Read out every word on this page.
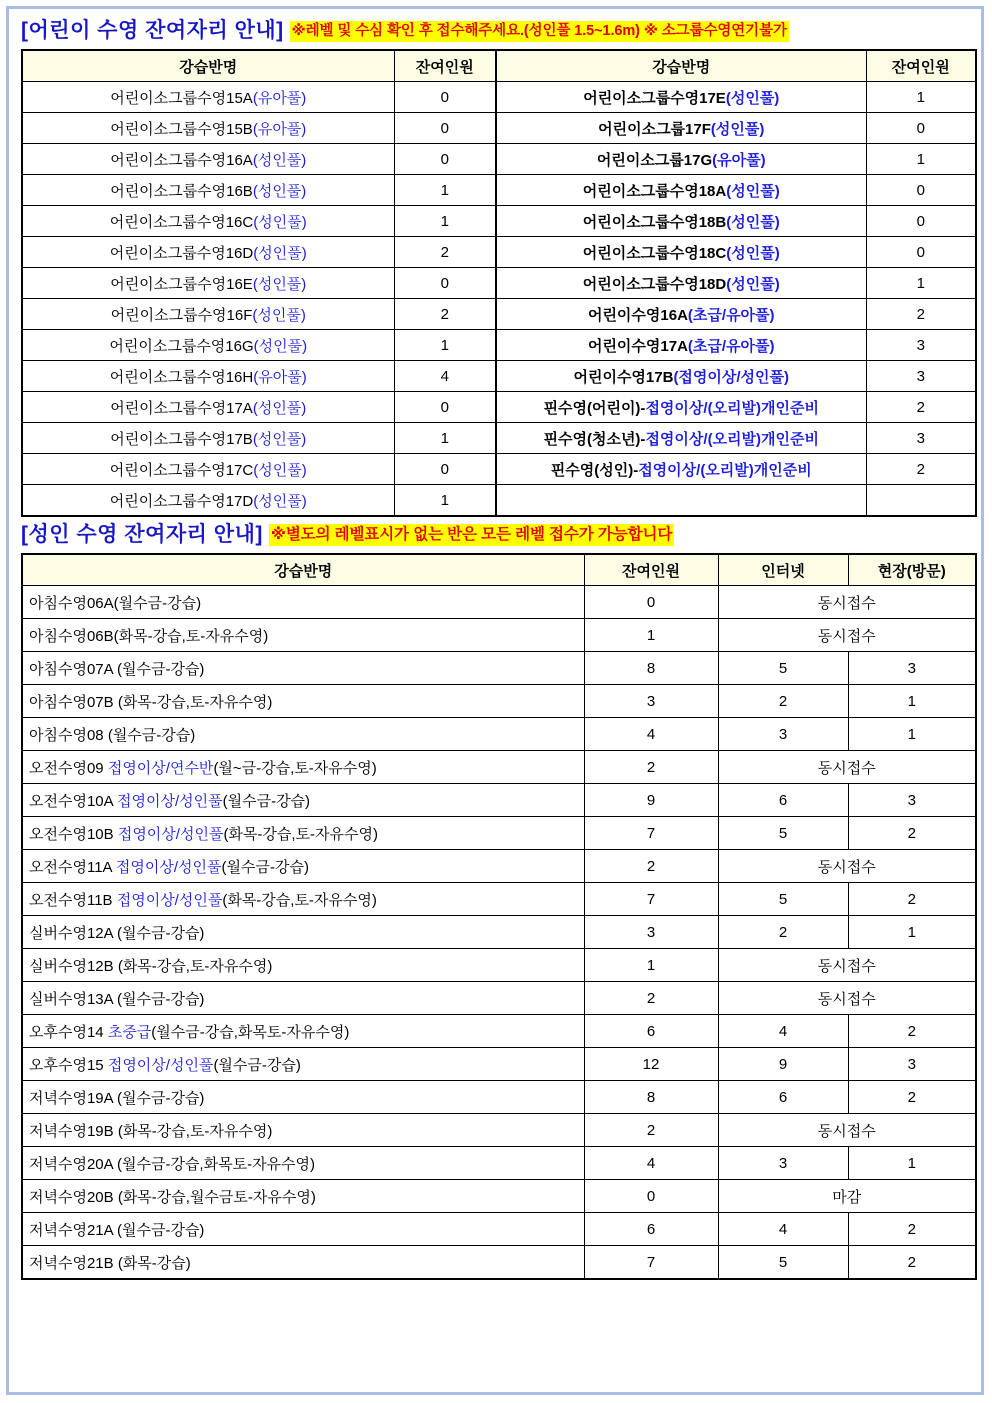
[어린이 수영 잔여자리 안내] ※레벨 및 수심 확인 후 접수해주세요.(성인풀 1.5~1.6m) ※ 소그룹수영연기불가
강습반명	잔여인원	강습반명	잔여인원
어린이소그룹수영15A(유아풀)	0	어린이소그룹수영17E(성인풀)	1
어린이소그룹수영15B(유아풀)	0	어린이소그룹17F(성인풀)	0
어린이소그룹수영16A(성인풀)	0	어린이소그룹17G(유아풀)	1
어린이소그룹수영16B(성인풀)	1	어린이소그룹수영18A(성인풀)	0
어린이소그룹수영16C(성인풀)	1	어린이소그룹수영18B(성인풀)	0
어린이소그룹수영16D(성인풀)	2	어린이소그룹수영18C(성인풀)	0
어린이소그룹수영16E(성인풀)	0	어린이소그룹수영18D(성인풀)	1
어린이소그룹수영16F(성인풀)	2	어린이수영16A(초급/유아풀)	2
어린이소그룹수영16G(성인풀)	1	어린이수영17A(초급/유아풀)	3
어린이소그룹수영16H(유아풀)	4	어린이수영17B(접영이상/성인풀)	3
어린이소그룹수영17A(성인풀)	0	핀수영(어린이)-접영이상/(오리발)개인준비	2
어린이소그룹수영17B(성인풀)	1	핀수영(청소년)-접영이상/(오리발)개인준비	3
어린이소그룹수영17C(성인풀)	0	핀수영(성인)-접영이상/(오리발)개인준비	2
어린이소그룹수영17D(성인풀)	1		
[성인 수영 잔여자리 안내] ※별도의 레벨표시가 없는 반은 모든 레벨 접수가 가능합니다
강습반명	잔여인원	인터넷	현장(방문)
아침수영06A(월수금-강습)	0	동시접수	
아침수영06B(화목-강습,토-자유수영)	1	동시접수	
아침수영07A (월수금-강습)	8	5	3
아침수영07B (화목-강습,토-자유수영)	3	2	1
아침수영08 (월수금-강습)	4	3	1
오전수영09 접영이상/연수반(월~금-강습,토-자유수영)	2	동시접수	
오전수영10A 접영이상/성인풀(월수금-강습)	9	6	3
오전수영10B 접영이상/성인풀(화목-강습,토-자유수영)	7	5	2
오전수영11A 접영이상/성인풀(월수금-강습)	2	동시접수	
오전수영11B 접영이상/성인풀(화목-강습,토-자유수영)	7	5	2
실버수영12A (월수금-강습)	3	2	1
실버수영12B (화목-강습,토-자유수영)	1	동시접수	
실버수영13A (월수금-강습)	2	동시접수	
오후수영14 초중급(월수금-강습,화목토-자유수영)	6	4	2
오후수영15 접영이상/성인풀(월수금-강습)	12	9	3
저녁수영19A (월수금-강습)	8	6	2
저녁수영19B (화목-강습,토-자유수영)	2	동시접수	
저녁수영20A (월수금-강습,화목토-자유수영)	4	3	1
저녁수영20B (화목-강습,월수금토-자유수영)	0	마감	
저녁수영21A (월수금-강습)	6	4	2
저녁수영21B (화목-강습)	7	5	2
